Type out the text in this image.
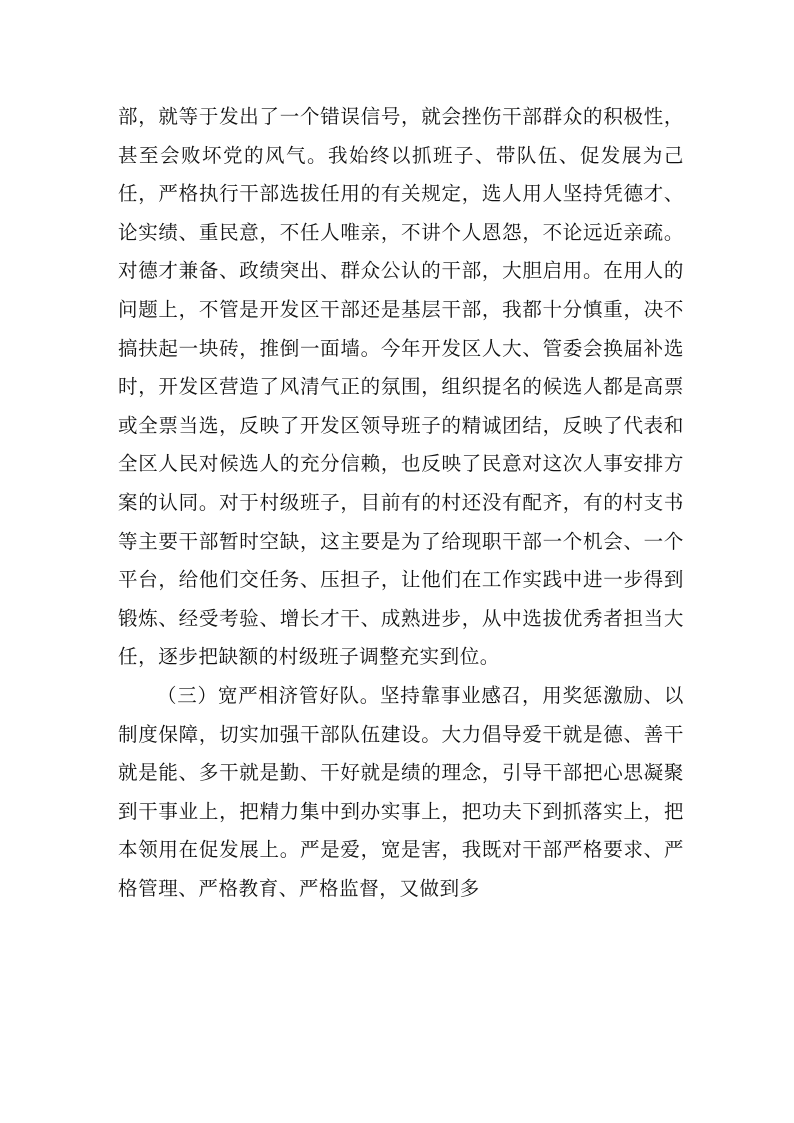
部，就等于发出了一个错误信号，就会挫伤干部群众的积极性，甚至会败坏党的风气。我始终以抓班子、带队伍、促发展为己任，严格执行干部选拔任用的有关规定，选人用人坚持凭德才、论实绩、重民意，不任人唯亲，不讲个人恩怨，不论远近亲疏。对德才兼备、政绩突出、群众公认的干部，大胆启用。在用人的问题上，不管是开发区干部还是基层干部，我都十分慎重，决不搞扶起一块砖，推倒一面墙。今年开发区人大、管委会换届补选时，开发区营造了风清气正的氛围，组织提名的候选人都是高票或全票当选，反映了开发区领导班子的精诚团结，反映了代表和全区人民对候选人的充分信赖，也反映了民意对这次人事安排方案的认同。对于村级班子，目前有的村还没有配齐，有的村支书等主要干部暂时空缺，这主要是为了给现职干部一个机会、一个平台，给他们交任务、压担子，让他们在工作实践中进一步得到锻炼、经受考验、增长才干、成熟进步，从中选拔优秀者担当大任，逐步把缺额的村级班子调整充实到位。

（三）宽严相济管好队。坚持靠事业感召，用奖惩激励、以制度保障，切实加强干部队伍建设。大力倡导爱干就是德、善干就是能、多干就是勤、干好就是绩的理念，引导干部把心思凝聚到干事业上，把精力集中到办实事上，把功夫下到抓落实上，把本领用在促发展上。严是爱，宽是害，我既对干部严格要求、严格管理、严格教育、严格监督，又做到多
